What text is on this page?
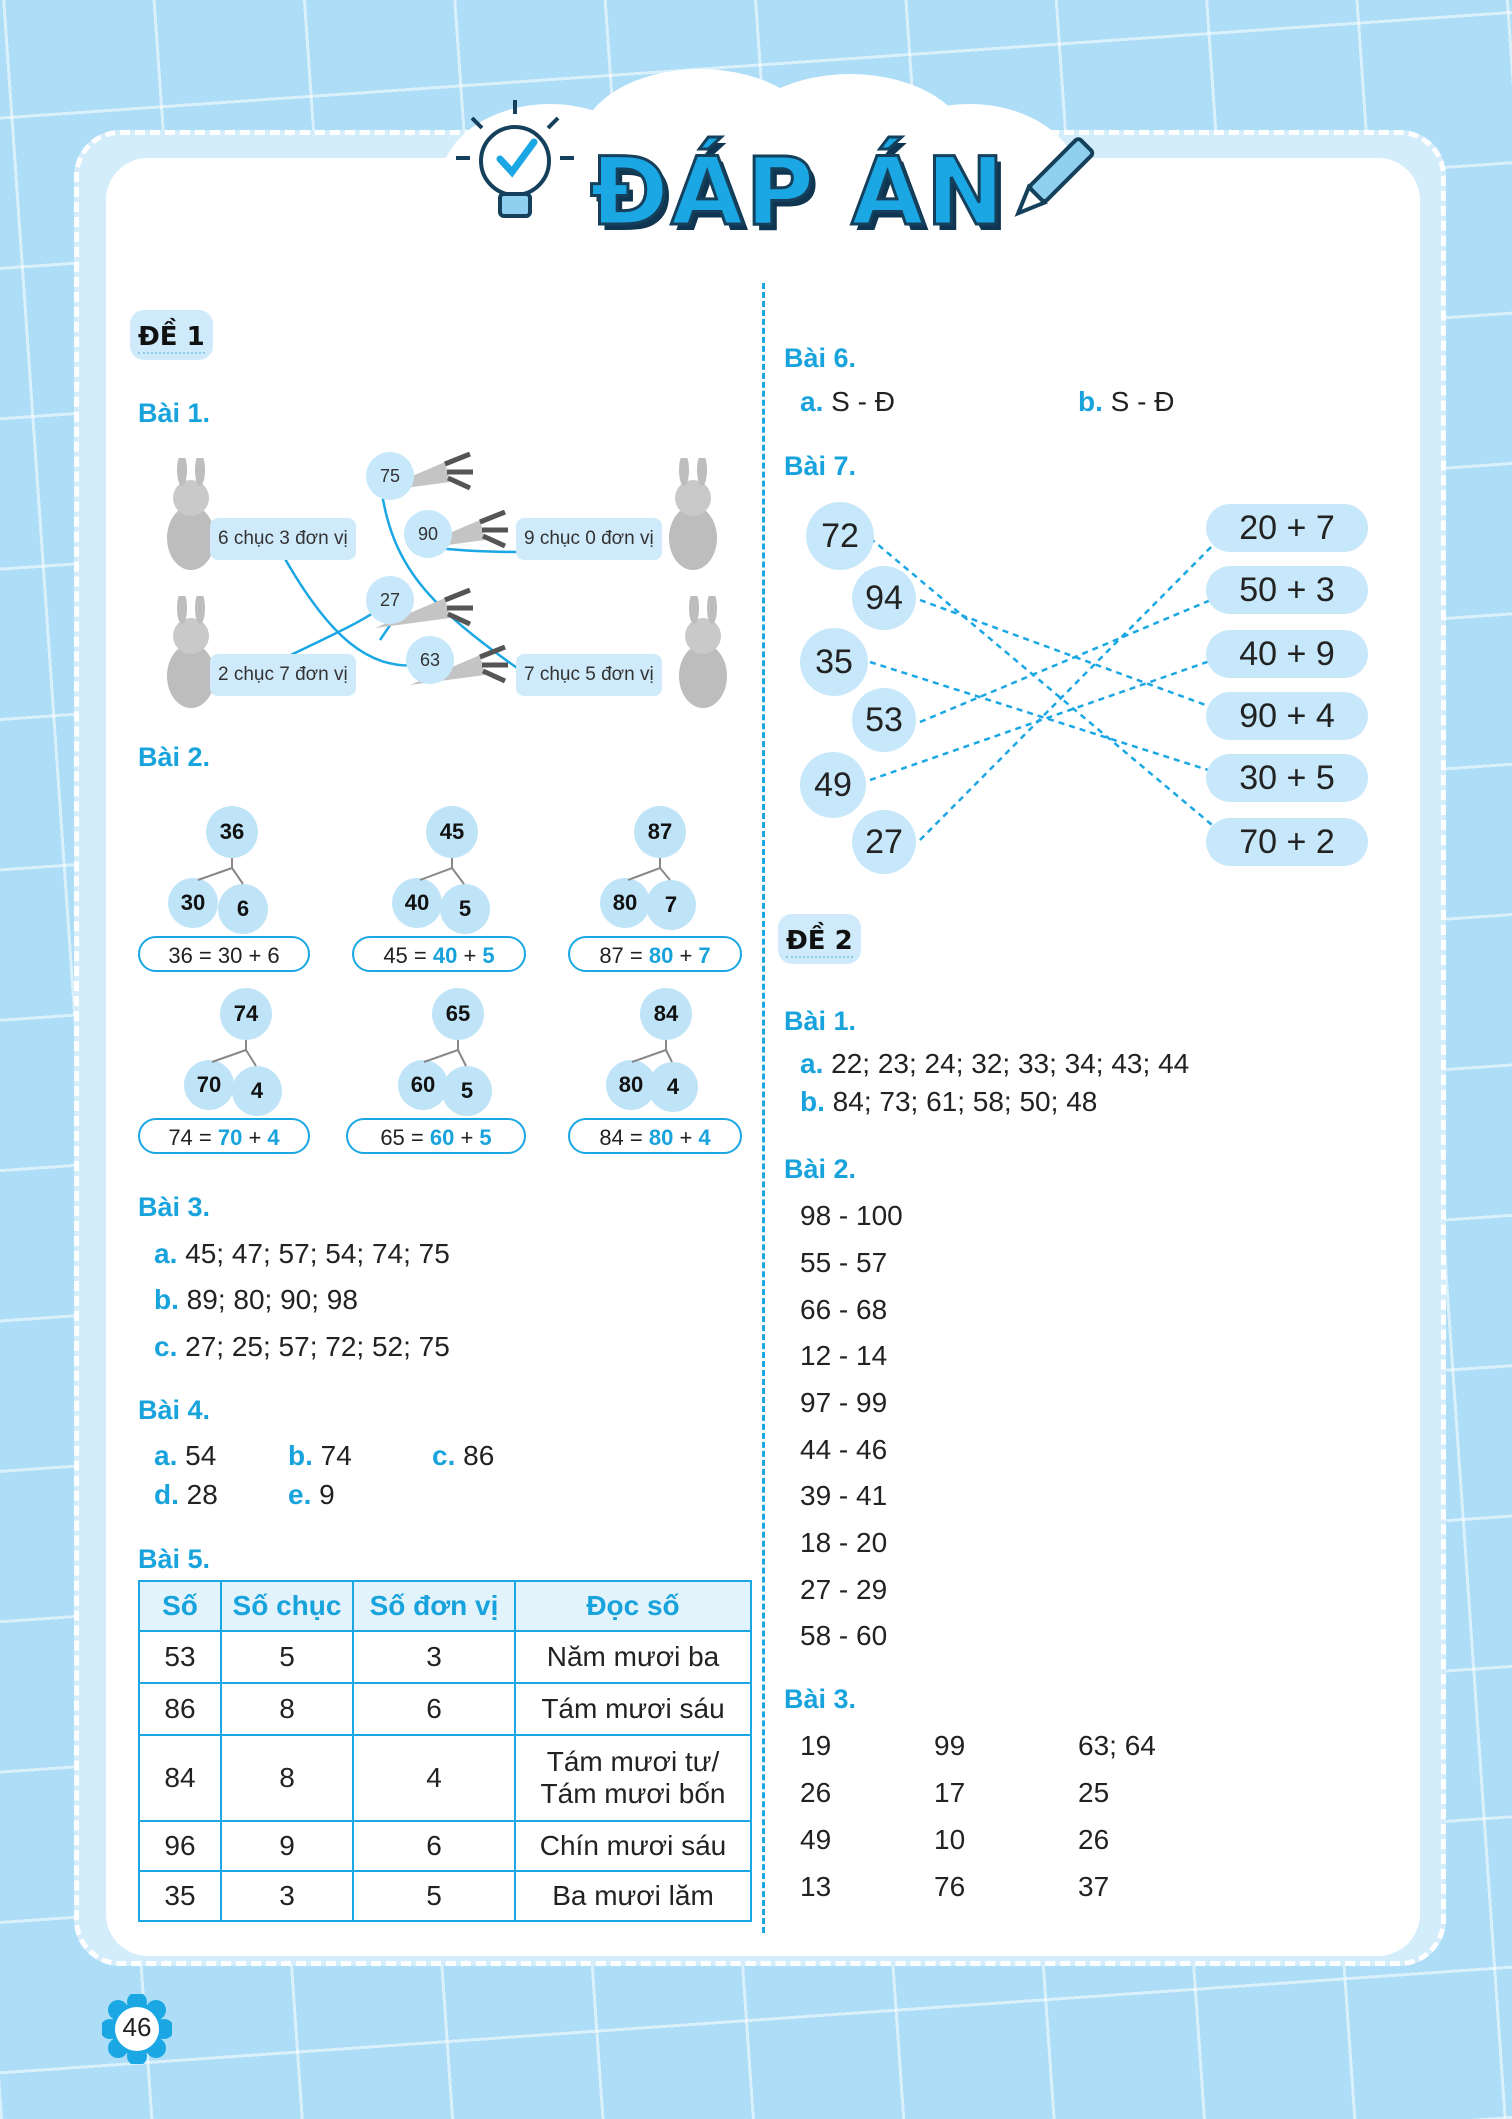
ĐÁP ÁN
ĐỀ 1
Bài 1.
6 chục 3 đơn vị	9 chục 0 đơn vị
2 chục 7 đơn vị	7 chục 5 đơn vị
75
90
27
63
Bài 2.
36
30	6
36 = 30 + 6
45
40	5
45 = 40 + 5
87
80	7
87 = 80 + 7
74
70	4
74 = 70 + 4
65
60	5
65 = 60 + 5
84
80	4
84 = 80 + 4
Bài 3.
a. 45; 47; 57; 54; 74; 75
b. 89; 80; 90; 98
c. 27; 25; 57; 72; 52; 75
Bài 4.
a. 54	b. 74	c. 86
d. 28	e. 9
Bài 5.
Số	Số chục	Số đơn vị	Đọc số
53	5	3	Năm mươi ba
86	8	6	Tám mươi sáu
84	8	4	Tám mươi tư/
Tám mươi bốn

96	9	6	Chín mươi sáu
35	3	5	Ba mươi lăm
Bài 6.
a. S - Đ	b. S - Đ
Bài 7.
72
94
35
53
49
27
20 + 7
50 + 3
40 + 9
90 + 4
30 + 5
70 + 2
ĐỀ 2
Bài 1.
a. 22; 23; 24; 32; 33; 34; 43; 44
b. 84; 73; 61; 58; 50; 48
Bài 2.
98 - 100
55 - 57
66 - 68
12 - 14
97 - 99
44 - 46
39 - 41
18 - 20
27 - 29
58 - 60
Bài 3.
19	99	63; 64
26	17	25
49	10	26
13	76	37
46
